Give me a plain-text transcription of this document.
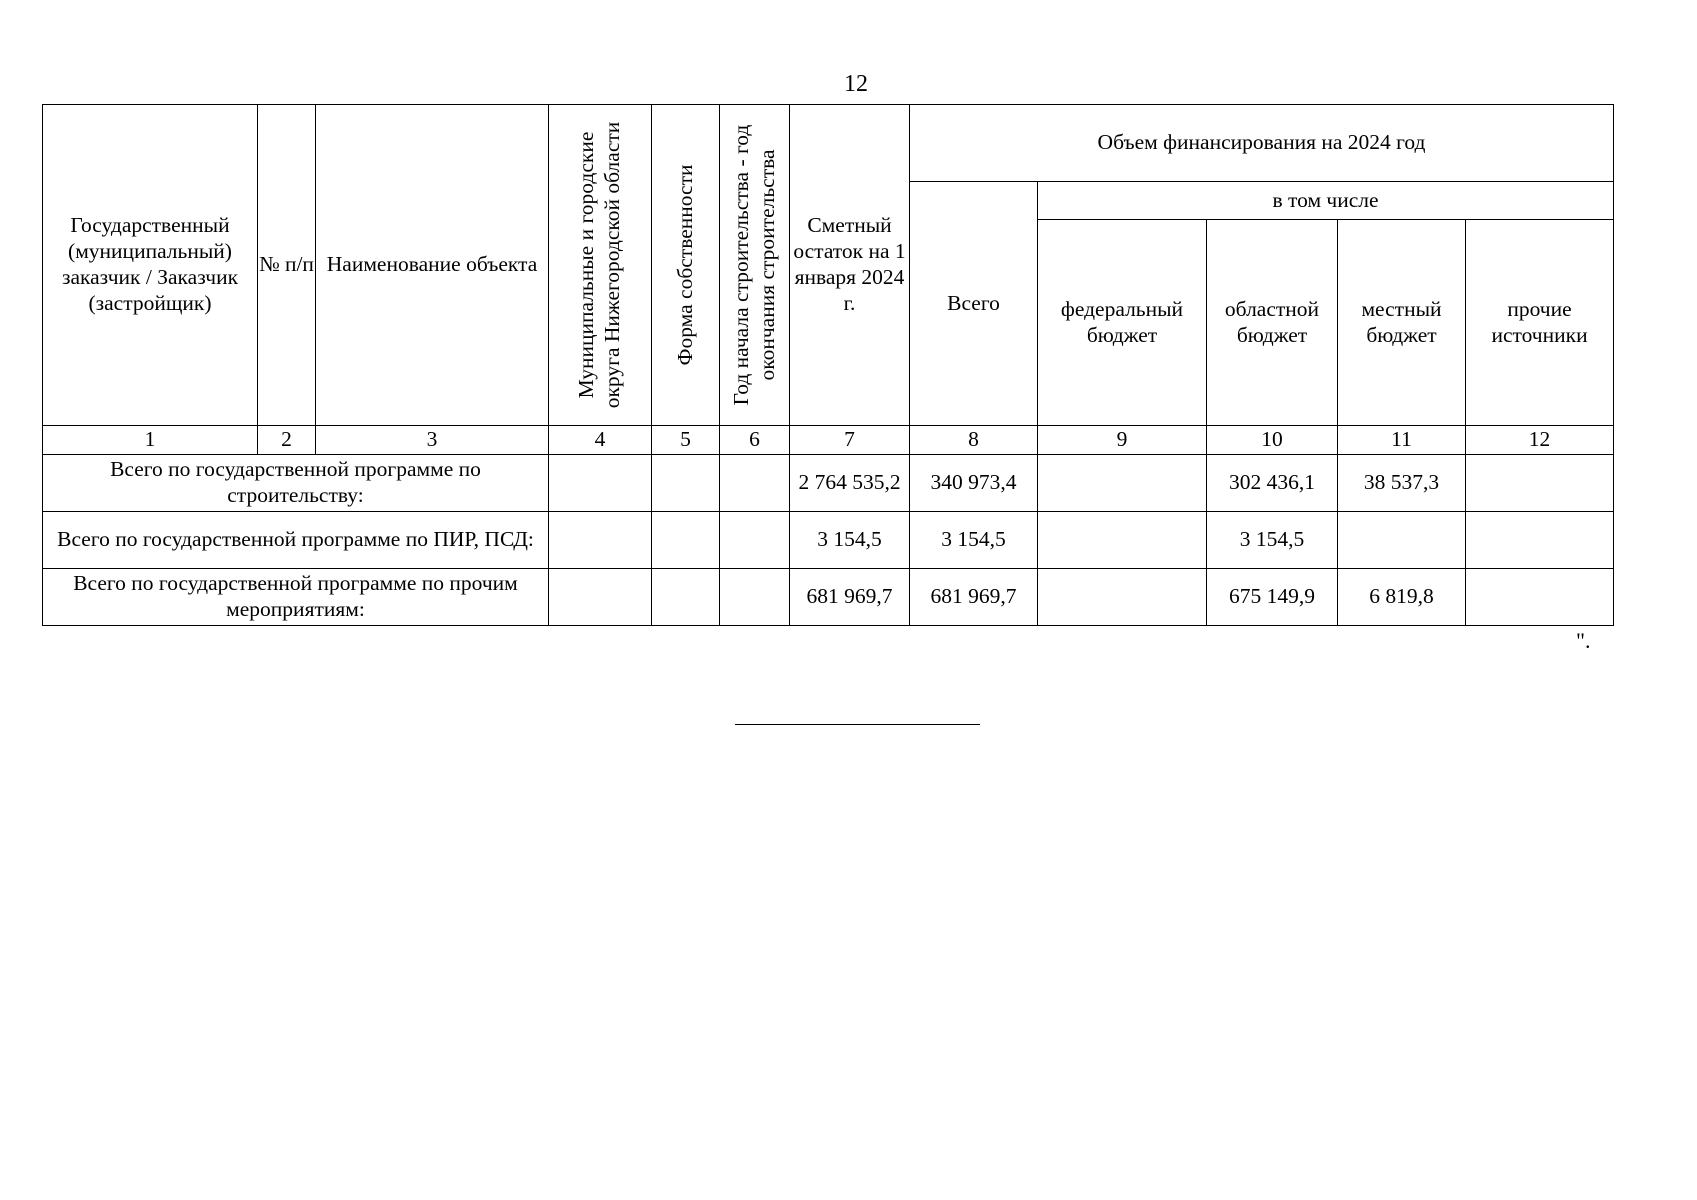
12
Государственный (муниципальный) заказчик / Заказчик (застройщик)	№ п/п	Наименование объекта	Муниципальные и городские округа Нижегородской области	Форма собственности	Год начала строительства - год окончания строительства	Сметный остаток на 1 января 2024 г.	Объем финансирования на 2024 год				
							Всего	в том числе			
								федеральный бюджет	областной бюджет	местный бюджет	прочие источники
1	2	3	4	5	6	7	8	9	10	11	12
Всего по государственной программе по строительству:						2 764 535,2	340 973,4		302 436,1	38 537,3	
Всего по государственной программе по ПИР, ПСД:						3 154,5	3 154,5		3 154,5		
Всего по государственной программе по прочим мероприятиям:						681 969,7	681 969,7		675 149,9	6 819,8	
".
